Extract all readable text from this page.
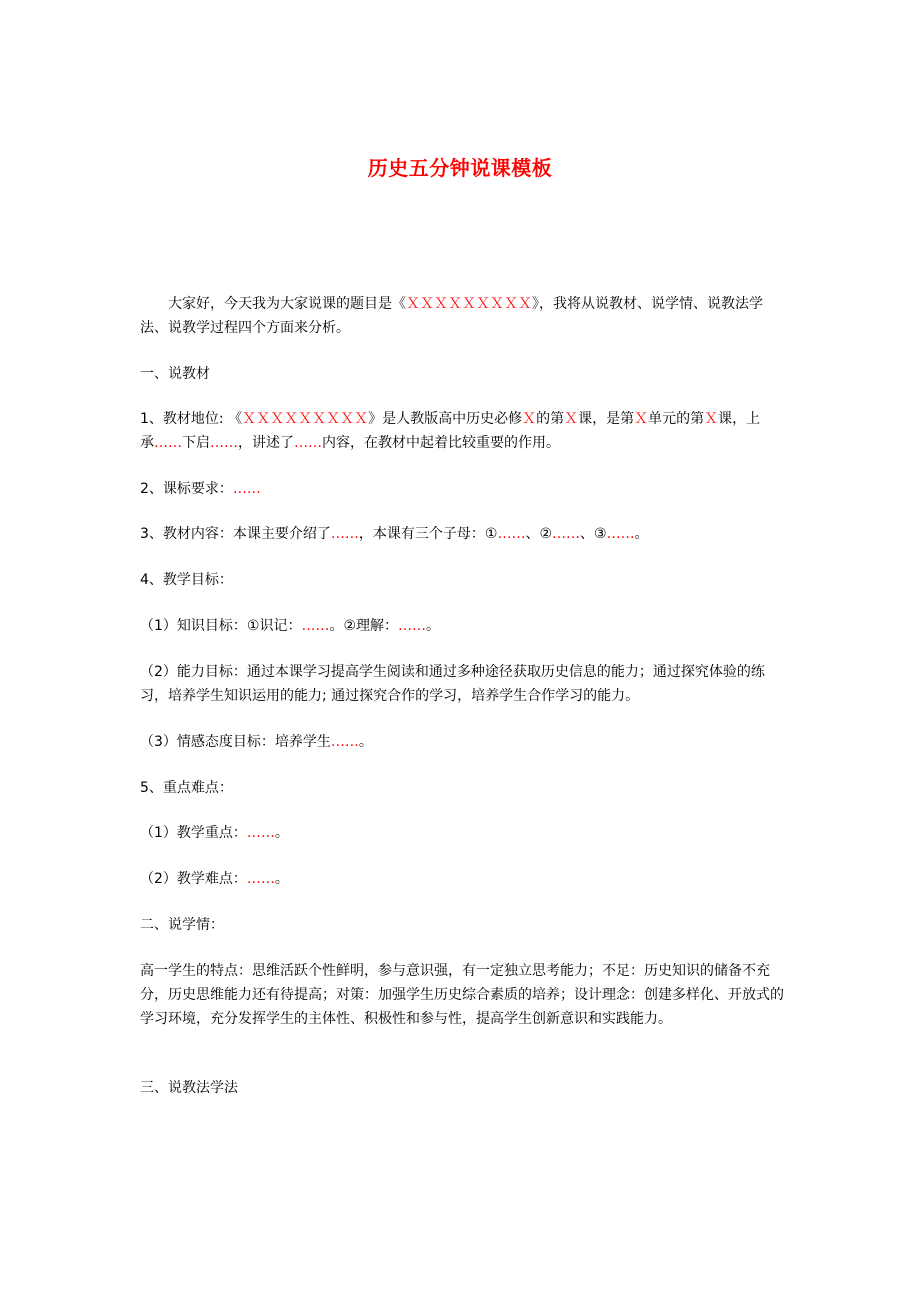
历史五分钟说课模板
大家好，今天我为大家说课的题目是《ＸＸＸＸＸＸＸＸＸ》，我将从说教材、说学情、说教法学法、说教学过程四个方面来分析。
一、说教材
1、教材地位: 《ＸＸＸＸＸＸＸＸＸ》是人教版高中历史必修Ｘ的第Ｘ课，是第Ｘ单元的第Ｘ课，上承……下启……，讲述了……内容，在教材中起着比较重要的作用。
2、课标要求：……
3、教材内容：本课主要介绍了……，本课有三个子母：①……、②……、③……。
4、教学目标：
（1）知识目标：①识记：……。②理解：……。
（2）能力目标：通过本课学习提高学生阅读和通过多种途径获取历史信息的能力；通过探究体验的练习，培养学生知识运用的能力; 通过探究合作的学习，培养学生合作学习的能力。
（3）情感态度目标：培养学生……。
5、重点难点：
（1）教学重点：……。
（2）教学难点：……。
二、说学情：
高一学生的特点：思维活跃个性鲜明，参与意识强，有一定独立思考能力；不足：历史知识的储备不充分，历史思维能力还有待提高；对策：加强学生历史综合素质的培养；设计理念：创建多样化、开放式的学习环境，充分发挥学生的主体性、积极性和参与性，提高学生创新意识和实践能力。
三、说教法学法
